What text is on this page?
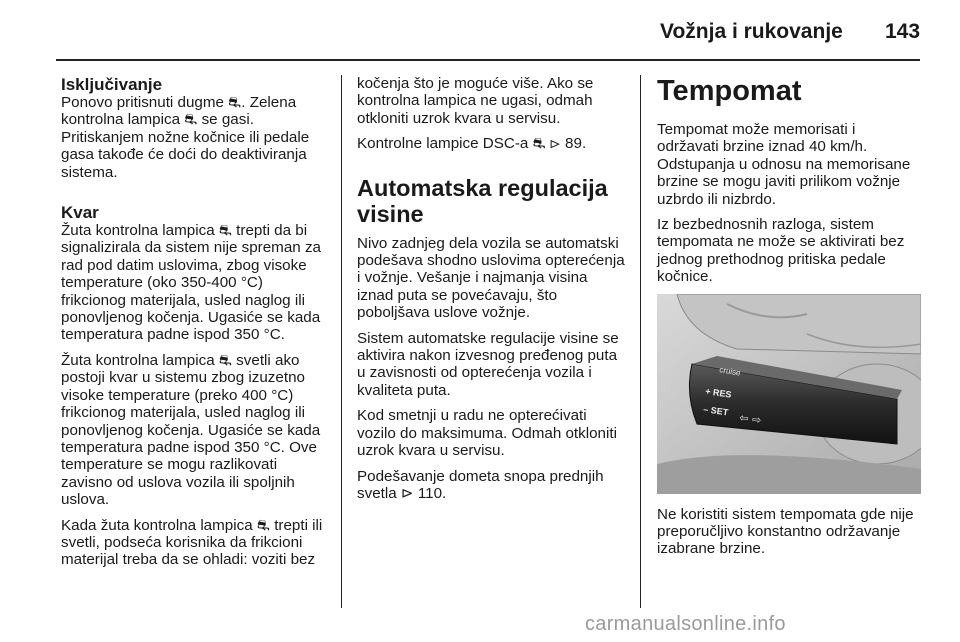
Vožnja i rukovanje 143
Isključivanje

Ponovo pritisnuti dugme ⛐. Zelena kontrolna lampica ⛐ se gasi. Pritiskanjem nožne kočnice ili pedale gasa takođe će doći do deaktiviranja sistema.

Kvar

Žuta kontrolna lampica ⛐ trepti da bi signalizirala da sistem nije spreman za rad pod datim uslovima, zbog visoke temperature (oko 350-400 °C) frikcionog materijala, usled naglog ili ponovljenog kočenja. Ugasiće se kada temperatura padne ispod 350 °C.

Žuta kontrolna lampica ⛐ svetli ako postoji kvar u sistemu zbog izuzetno visoke temperature (preko 400 °C) frikcionog materijala, usled naglog ili ponovljenog kočenja. Ugasiće se kada temperatura padne ispod 350 °C. Ove temperature se mogu razlikovati zavisno od uslova vozila ili spoljnih uslova.

Kada žuta kontrolna lampica ⛐ trepti ili svetli, podseća korisnika da frikcioni materijal treba da se ohladi: voziti bez

kočenja što je moguće više. Ako se kontrolna lampica ne ugasi, odmah otkloniti uzrok kvara u servisu.

Kontrolne lampice DSC-a ⛐ ⊳ 89.

Automatska regulacija visine

Nivo zadnjeg dela vozila se automatski podešava shodno uslovima opterećenja i vožnje. Vešanje i najmanja visina iznad puta se povećavaju, što poboljšava uslove vožnje.

Sistem automatske regulacije visine se aktivira nakon izvesnog pređenog puta u zavisnosti od opterećenja vozila i kvaliteta puta.

Kod smetnji u radu ne opterećivati vozilo do maksimuma. Odmah otkloniti uzrok kvara u servisu.

Podešavanje dometa snopa prednjih svetla ⊳ 110.

Tempomat

Tempomat može memorisati i održavati brzine iznad 40 km/h. Odstupanja u odnosu na memorisane brzine se mogu javiti prilikom vožnje uzbrdo ili nizbrdo.

Iz bezbednosnih razloga, sistem tempomata ne može se aktivirati bez jednog prethodnog pritiska pedale kočnice.

cruise
+ RES
– SET
⇦ ⇨

Ne koristiti sistem tempomata gde nije preporučljivo konstantno održavanje izabrane brzine.

carmanualsonline.info
